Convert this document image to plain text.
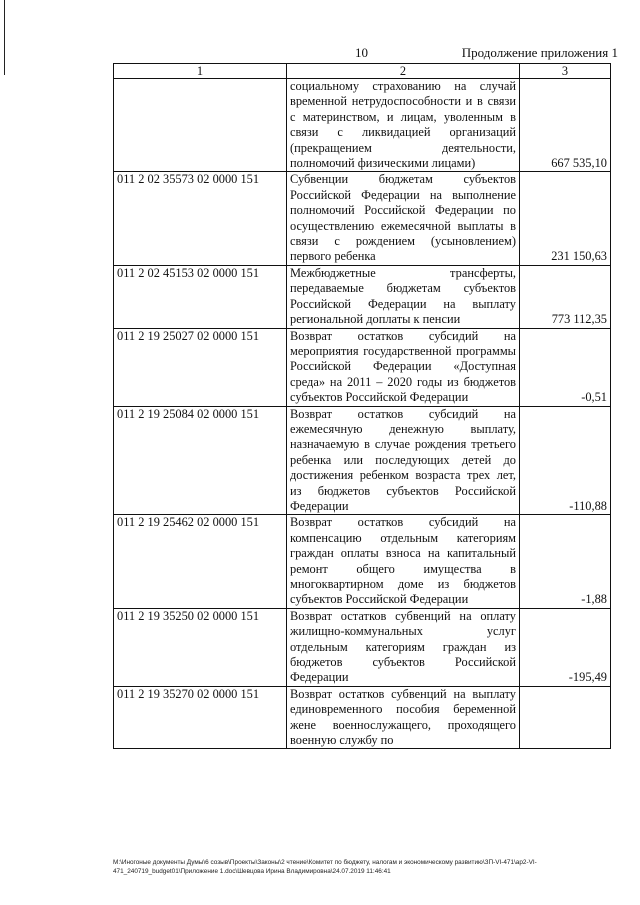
10	Продолжение приложения 1
1	2	3
	социальному страхованию на случай временной нетрудоспособности и в связи с материнством, и лицам, уволенным в связи с ликвидацией организаций (прекращением деятельности, полномочий физическими лицами)	667 535,10
011 2 02 35573 02 0000 151	Субвенции бюджетам субъектов Российской Федерации на выполнение полномочий Российской Федерации по осуществлению ежемесячной выплаты в связи с рождением (усыновлением) первого ребенка	231 150,63
011 2 02 45153 02 0000 151	Межбюджетные трансферты, передаваемые бюджетам субъектов Российской Федерации на выплату региональной доплаты к пенсии	773 112,35
011 2 19 25027 02 0000 151	Возврат остатков субсидий на мероприятия государственной программы Российской Федерации «Доступная среда» на 2011 – 2020 годы из бюджетов субъектов Российской Федерации	-0,51
011 2 19 25084 02 0000 151	Возврат остатков субсидий на ежемесячную денежную выплату, назначаемую в случае рождения третьего ребенка или последующих детей до достижения ребенком возраста трех лет, из бюджетов субъектов Российской Федерации	-110,88
011 2 19 25462 02 0000 151	Возврат остатков субсидий на компенсацию отдельным категориям граждан оплаты взноса на капитальный ремонт общего имущества в многоквартирном доме из бюджетов субъектов Российской Федерации	-1,88
011 2 19 35250 02 0000 151	Возврат остатков субвенций на оплату жилищно-коммунальных услуг отдельным категориям граждан из бюджетов субъектов Российской Федерации	-195,49
011 2 19 35270 02 0000 151	Возврат остатков субвенций на выплату единовременного пособия беременной жене военнослужащего, проходящего военную службу по	
M:\Иногоные документы Думы\6 созыв\Проекты\Законы\2 чтение\Комитет по бюджету, налогам и экономическому развитию\ЗП-VI-471\ap2-VI-471_240719_budget01\Приложение 1.doc\Шевцова Ирина Владимировна\24.07.2019 11:46:41
